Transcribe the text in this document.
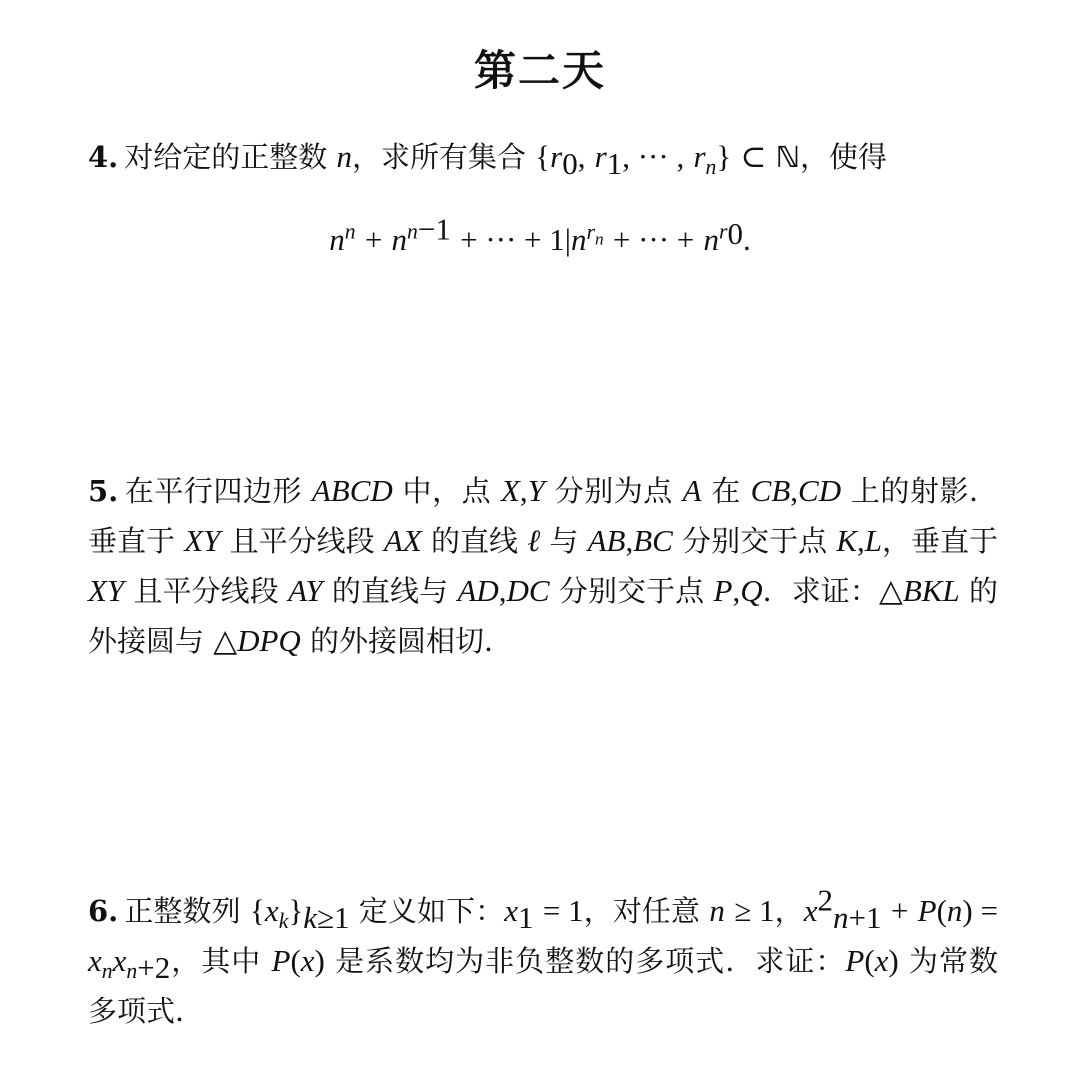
第二天
4. 对给定的正整数 n，求所有集合 {$r_0$, $r_1$, ··· , $r_n$} ⊂ ℕ，使得
$n^n + n^{n-1}$ + ··· + $1|n^{r_n}$ + ··· + $n^{r_0}$.
5. 在平行四边形 ABCD 中，点 X,Y 分别为点 A 在 CB,CD 上的射影．垂直于 XY 且平分线段 AX 的直线 ℓ 与 AB,BC 分别交于点 K,L，垂直于 XY 且平分线段 AY 的直线与 AD,DC 分别交于点 P,Q．求证：△BKL 的外接圆与 △DPQ 的外接圆相切．
6. 正整数列 $\{x_k\}_{k\ge 1}$ 定义如下：$x_1 = 1$，对任意 n ≥ 1，$x^2_{n+1} + P(n) = x_nx_{n+2}$，其中 P(x) 是系数均为非负整数的多项式．求证：P(x) 为常数多项式．
